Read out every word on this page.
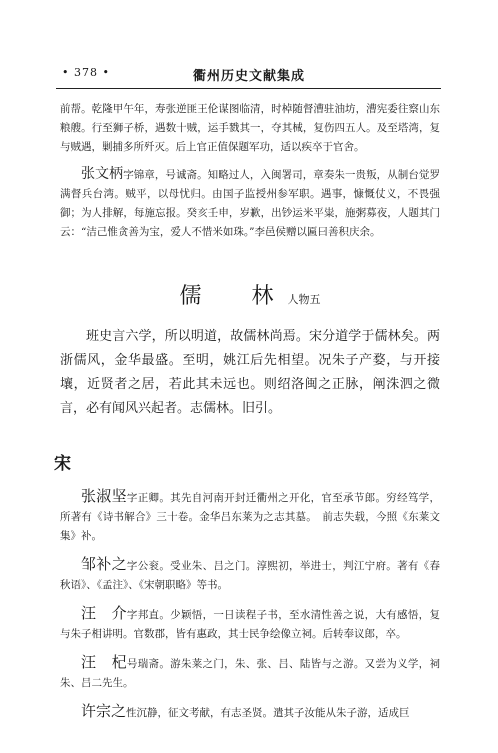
• 378 •	衢州历史文献集成

前帮。乾隆甲午年，寿张逆匪王伦谋图临清，时棹随督漕驻油坊，漕宪委往察山东粮艘。行至狮子桥，遇数十贼，运手戮其一，夺其械，复伤四五人。及至塔湾，复与贼遇，剿捕多所歼灭。后上官正值保题军功，适以疾卒于官舍。

张文柄字锦章，号诚斋。知略过人，入闽署司，章奏朱一贵叛，从制台觉罗满督兵台湾。贼平，以母忧归。由国子监授州参军职。遇事，慷慨仗义，不畏强御；为人排解，每施忘报。癸亥壬申，岁歉，出钞运米平粜，施粥募夜，人题其门云：“洁己惟贪善为宝，爱人不惜米如珠。”李邑侯赠以匾曰善积庆余。

儒　林人物五

班史言六学，所以明道，故儒林尚焉。宋分道学于儒林矣。两浙儒风，金华最盛。至明，姚江后先相望。况朱子产婺，与开接壤，近贤者之居，若此其未远也。则绍洛闽之正脉，阐洙泗之微言，必有闻风兴起者。志儒林。旧引。

宋

张淑坚字正卿。其先自河南开封迁衢州之开化，官至承节郎。穷经笃学，所著有《诗书解合》三十卷。金华吕东莱为之志其墓。　前志失载，今照《东莱文集》补。

邹补之字公衮。受业朱、吕之门。淳熙初，举进士，判江宁府。著有《春秋语》、《孟注》、《宋朝职略》等书。

汪　介字邦直。少颖悟，一日读程子书，至水清性善之说，大有感悟，复与朱子相讲明。官数郡，皆有惠政，其士民争绘像立祠。后转奉议郎，卒。

汪　杞号瑞斋。游朱莱之门，朱、张、吕、陆皆与之游。又尝为义学，祠朱、吕二先生。

许宗之性沉静，征文考献，有志圣贤。遣其子汝能从朱子游，适成巨
